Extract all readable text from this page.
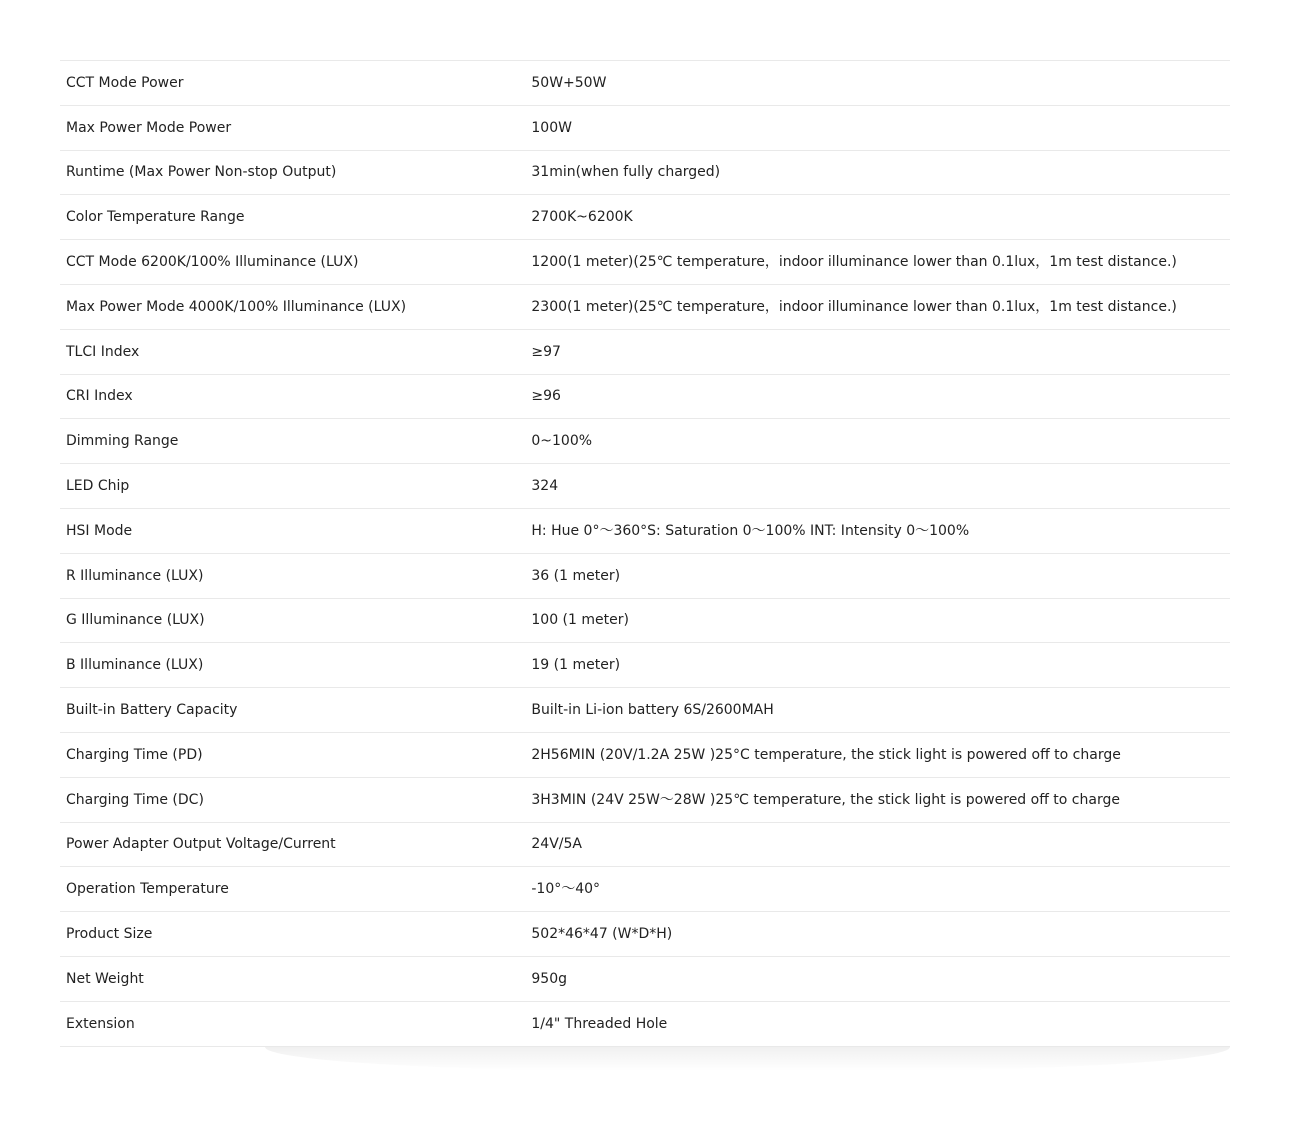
CCT Mode Power	50W+50W
Max Power Mode Power	100W
Runtime (Max Power Non-stop Output)	31min(when fully charged)
Color Temperature Range	2700K~6200K
CCT Mode 6200K/100% Illuminance (LUX)	1200(1 meter)(25℃ temperature，indoor illuminance lower than 0.1lux，1m test distance.)
Max Power Mode 4000K/100% Illuminance (LUX)	2300(1 meter)(25℃ temperature，indoor illuminance lower than 0.1lux，1m test distance.)
TLCI Index	≥97
CRI Index	≥96
Dimming Range	0~100%
LED Chip	324
HSI Mode	H: Hue 0°～360°S: Saturation 0～100% INT: Intensity 0～100%
R Illuminance (LUX)	36 (1 meter)
G Illuminance (LUX)	100 (1 meter)
B Illuminance (LUX)	19 (1 meter)
Built-in Battery Capacity	Built-in Li-ion battery 6S/2600MAH
Charging Time (PD)	2H56MIN (20V/1.2A 25W )25°C temperature, the stick light is powered off to charge
Charging Time (DC)	3H3MIN (24V 25W～28W )25℃ temperature, the stick light is powered off to charge
Power Adapter Output Voltage/Current	24V/5A
Operation Temperature	-10°～40°
Product Size	502*46*47 (W*D*H)
Net Weight	950g
Extension	1/4" Threaded Hole
